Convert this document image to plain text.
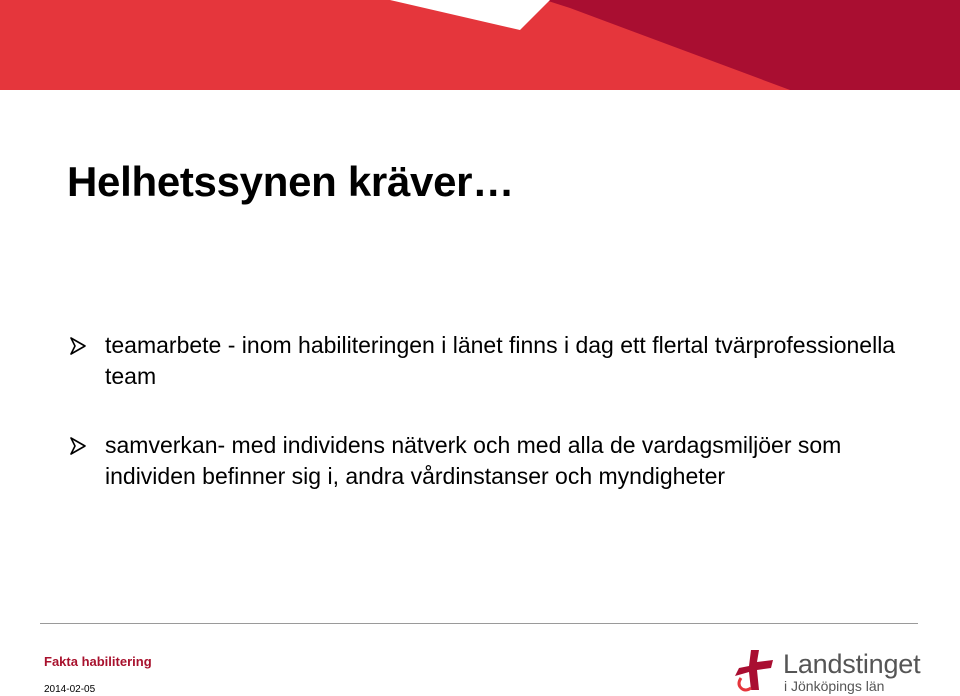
Helhetssynen kräver…
teamarbete - inom habiliteringen i länet finns i dag ett flertal tvärprofessionella team
samverkan- med individens nätverk och med alla de vardagsmiljöer som individen befinner sig i, andra vårdinstanser och myndigheter
Fakta habilitering
2014-02-05
Landstinget
i Jönköpings län
